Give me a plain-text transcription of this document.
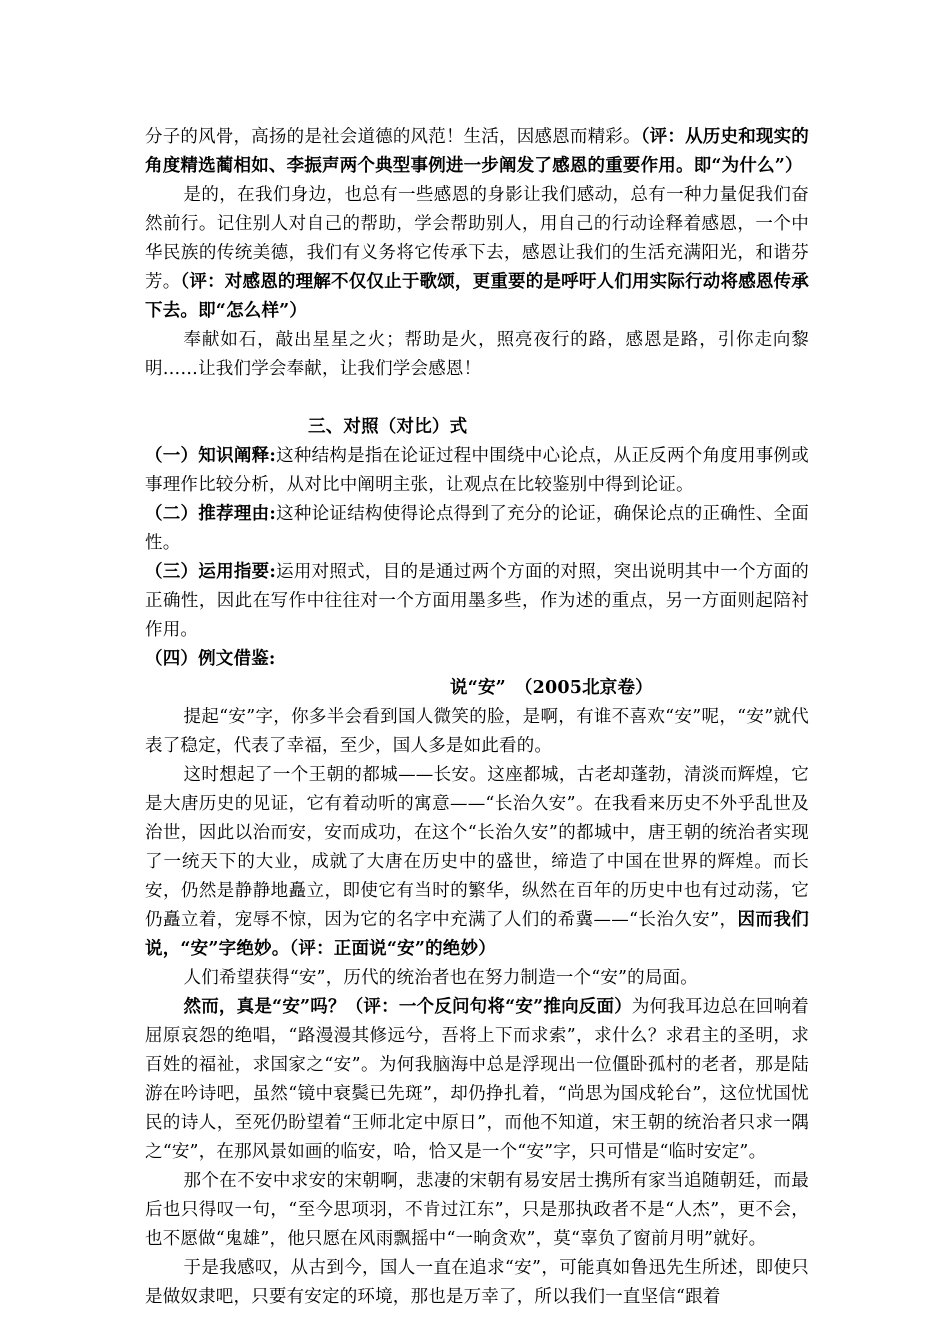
分子的风骨，高扬的是社会道德的风范！生活，因感恩而精彩。（评：从历史和现实的角度精选蔺相如、李振声两个典型事例进一步阐发了感恩的重要作用。即“为什么”）

是的，在我们身边，也总有一些感恩的身影让我们感动，总有一种力量促我们奋然前行。记住别人对自己的帮助，学会帮助别人，用自己的行动诠释着感恩，一个中华民族的传统美德，我们有义务将它传承下去，感恩让我们的生活充满阳光，和谐芬芳。（评：对感恩的理解不仅仅止于歌颂，更重要的是呼吁人们用实际行动将感恩传承下去。即“怎么样”）

奉献如石，敲出星星之火；帮助是火，照亮夜行的路，感恩是路，引你走向黎明……让我们学会奉献，让我们学会感恩！

三、对照（对比）式

（一）知识阐释:这种结构是指在论证过程中围绕中心论点，从正反两个角度用事例或事理作比较分析，从对比中阐明主张，让观点在比较鉴别中得到论证。

（二）推荐理由:这种论证结构使得论点得到了充分的论证，确保论点的正确性、全面性。

（三）运用指要:运用对照式，目的是通过两个方面的对照，突出说明其中一个方面的正确性，因此在写作中往往对一个方面用墨多些，作为述的重点，另一方面则起陪衬作用。

（四）例文借鉴:

说“安”　（2005北京卷）

提起“安”字，你多半会看到国人微笑的脸，是啊，有谁不喜欢“安”呢，“安”就代表了稳定，代表了幸福，至少，国人多是如此看的。

这时想起了一个王朝的都城——长安。这座都城，古老却蓬勃，清淡而辉煌，它是大唐历史的见证，它有着动听的寓意——“长治久安”。在我看来历史不外乎乱世及治世，因此以治而安，安而成功，在这个“长治久安”的都城中，唐王朝的统治者实现了一统天下的大业，成就了大唐在历史中的盛世，缔造了中国在世界的辉煌。而长安，仍然是静静地矗立，即使它有当时的繁华，纵然在百年的历史中也有过动荡，它仍矗立着，宠辱不惊，因为它的名字中充满了人们的希冀——“长治久安”，因而我们说，“安”字绝妙。（评：正面说“安”的绝妙）

人们希望获得“安”，历代的统治者也在努力制造一个“安”的局面。

然而，真是“安”吗？（评：一个反问句将“安”推向反面）为何我耳边总在回响着屈原哀怨的绝唱，“路漫漫其修远兮，吾将上下而求索”，求什么？求君主的圣明，求百姓的福祉，求国家之“安”。为何我脑海中总是浮现出一位僵卧孤村的老者，那是陆游在吟诗吧，虽然“镜中衰鬓已先斑”，却仍挣扎着，“尚思为国戍轮台”，这位忧国忧民的诗人，至死仍盼望着“王师北定中原日”，而他不知道，宋王朝的统治者只求一隅之“安”，在那风景如画的临安，哈，恰又是一个“安”字，只可惜是“临时安定”。

那个在不安中求安的宋朝啊，悲凄的宋朝有易安居士携所有家当追随朝廷，而最后也只得叹一句，“至今思项羽，不肯过江东”，只是那执政者不是“人杰”，更不会，也不愿做“鬼雄”，他只愿在风雨飘摇中“一晌贪欢”，莫“辜负了窗前月明”就好。

于是我感叹，从古到今，国人一直在追求“安”，可能真如鲁迅先生所述，即使只是做奴隶吧，只要有安定的环境，那也是万幸了，所以我们一直坚信“跟着
